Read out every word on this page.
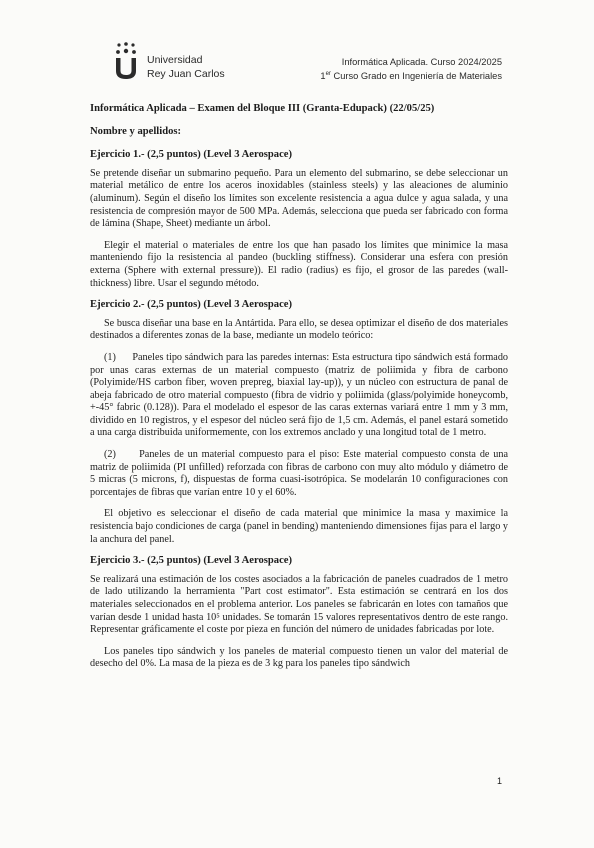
Universidad
Rey Juan Carlos
Informática Aplicada. Curso 2024/2025
1er Curso Grado en Ingeniería de Materiales
Informática Aplicada – Examen del Bloque III (Granta-Edupack) (22/05/25)
Nombre y apellidos:
Ejercicio 1.- (2,5 puntos) (Level 3 Aerospace)

Se pretende diseñar un submarino pequeño. Para un elemento del submarino, se debe seleccionar un material metálico de entre los aceros inoxidables (stainless steels) y las aleaciones de aluminio (aluminum). Según el diseño los límites son excelente resistencia a agua dulce y agua salada, y una resistencia de compresión mayor de 500 MPa. Además, selecciona que pueda ser fabricado con forma de lámina (Shape, Sheet) mediante un árbol.

Elegir el material o materiales de entre los que han pasado los límites que minimice la masa manteniendo fijo la resistencia al pandeo (buckling stiffness). Considerar una esfera con presión externa (Sphere with external pressure)). El radio (radius) es fijo, el grosor de las paredes (wall-thickness) libre. Usar el segundo método.

Ejercicio 2.- (2,5 puntos) (Level 3 Aerospace)

Se busca diseñar una base en la Antártida. Para ello, se desea optimizar el diseño de dos materiales destinados a diferentes zonas de la base, mediante un modelo teórico:

(1) Paneles tipo sándwich para las paredes internas: Esta estructura tipo sándwich está formado por unas caras externas de un material compuesto (matriz de poliimida y fibra de carbono (Polyimide/HS carbon fiber, woven prepreg, biaxial lay-up)), y un núcleo con estructura de panal de abeja fabricado de otro material compuesto (fibra de vidrio y poliimida (glass/polyimide honeycomb, +-45° fabric (0.128)). Para el modelado el espesor de las caras externas variará entre 1 mm y 3 mm, dividido en 10 registros, y el espesor del núcleo será fijo de 1,5 cm. Además, el panel estará sometido a una carga distribuida uniformemente, con los extremos anclado y una longitud total de 1 metro.

(2) Paneles de un material compuesto para el piso: Este material compuesto consta de una matriz de poliimida (PI unfilled) reforzada con fibras de carbono con muy alto módulo y diámetro de 5 micras (5 microns, f), dispuestas de forma cuasi-isotrópica. Se modelarán 10 configuraciones con porcentajes de fibras que varían entre 10 y el 60%.

El objetivo es seleccionar el diseño de cada material que minimice la masa y maximice la resistencia bajo condiciones de carga (panel in bending) manteniendo dimensiones fijas para el largo y la anchura del panel.

Ejercicio 3.- (2,5 puntos) (Level 3 Aerospace)

Se realizará una estimación de los costes asociados a la fabricación de paneles cuadrados de 1 metro de lado utilizando la herramienta "Part cost estimator". Esta estimación se centrará en los dos materiales seleccionados en el problema anterior. Los paneles se fabricarán en lotes con tamaños que varían desde 1 unidad hasta 10⁵ unidades. Se tomarán 15 valores representativos dentro de este rango. Representar gráficamente el coste por pieza en función del número de unidades fabricadas por lote.

Los paneles tipo sándwich y los paneles de material compuesto tienen un valor del material de desecho del 0%. La masa de la pieza es de 3 kg para los paneles tipo sándwich

1
